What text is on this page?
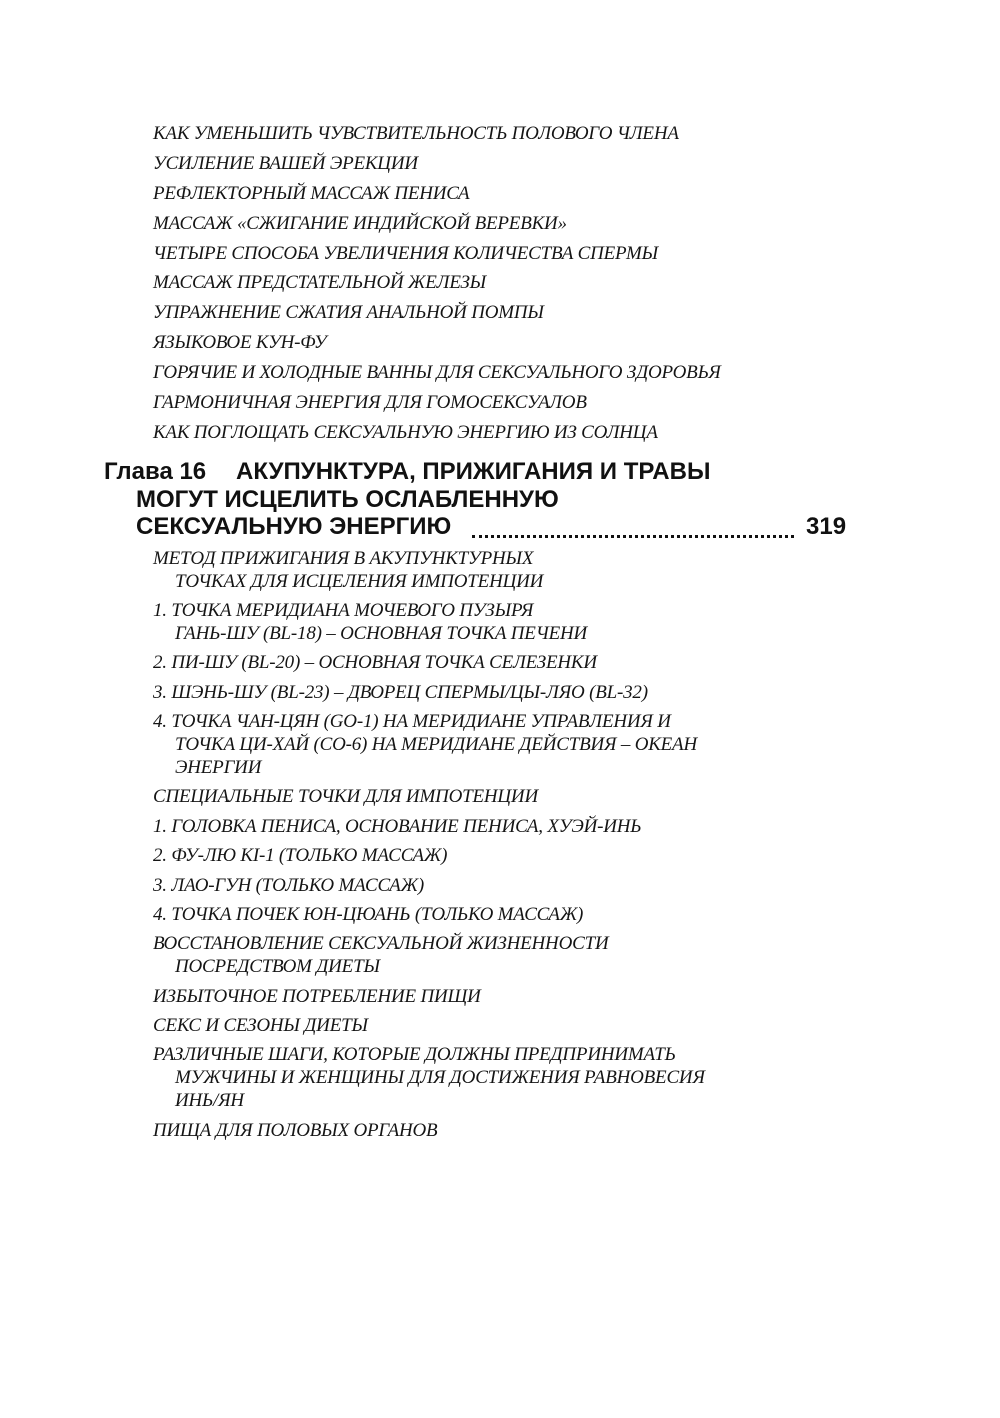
КАК УМЕНЬШИТЬ ЧУВСТВИТЕЛЬНОСТЬ ПОЛОВОГО ЧЛЕНА
УСИЛЕНИЕ ВАШЕЙ ЭРЕКЦИИ
РЕФЛЕКТОРНЫЙ МАССАЖ ПЕНИСА
МАССАЖ «СЖИГАНИЕ ИНДИЙСКОЙ ВЕРЕВКИ»
ЧЕТЫРЕ СПОСОБА УВЕЛИЧЕНИЯ КОЛИЧЕСТВА СПЕРМЫ
МАССАЖ ПРЕДСТАТЕЛЬНОЙ ЖЕЛЕЗЫ
УПРАЖНЕНИЕ СЖАТИЯ АНАЛЬНОЙ ПОМПЫ
ЯЗЫКОВОЕ КУН-ФУ
ГОРЯЧИЕ И ХОЛОДНЫЕ ВАННЫ ДЛЯ СЕКСУАЛЬНОГО ЗДОРОВЬЯ
ГАРМОНИЧНАЯ ЭНЕРГИЯ ДЛЯ ГОМОСЕКСУАЛОВ
КАК ПОГЛОЩАТЬ СЕКСУАЛЬНУЮ ЭНЕРГИЮ ИЗ СОЛНЦА
Глава 16 АКУПУНКТУРА, ПРИЖИГАНИЯ И ТРАВЫ
МОГУТ ИСЦЕЛИТЬ ОСЛАБЛЕННУЮ
СЕКСУАЛЬНУЮ ЭНЕРГИЮ	319
МЕТОД ПРИЖИГАНИЯ В АКУПУНКТУРНЫХ
ТОЧКАХ ДЛЯ ИСЦЕЛЕНИЯ ИМПОТЕНЦИИ
1. ТОЧКА МЕРИДИАНА МОЧЕВОГО ПУЗЫРЯ
ГАНЬ-ШУ (BL-18) – ОСНОВНАЯ ТОЧКА ПЕЧЕНИ
2. ПИ-ШУ (BL-20) – ОСНОВНАЯ ТОЧКА СЕЛЕЗЕНКИ
3. ШЭНЬ-ШУ (BL-23) – ДВОРЕЦ СПЕРМЫ/ЦЫ-ЛЯО (BL-32)
4. ТОЧКА ЧАН-ЦЯН (GO-1) НА МЕРИДИАНЕ УПРАВЛЕНИЯ И
ТОЧКА ЦИ-ХАЙ (СО-6) НА МЕРИДИАНЕ ДЕЙСТВИЯ – ОКЕАН
ЭНЕРГИИ
СПЕЦИАЛЬНЫЕ ТОЧКИ ДЛЯ ИМПОТЕНЦИИ
1. ГОЛОВКА ПЕНИСА, ОСНОВАНИЕ ПЕНИСА, ХУЭЙ-ИНЬ
2. ФУ-ЛЮ KI-1 (ТОЛЬКО МАССАЖ)
3. ЛАО-ГУН (ТОЛЬКО МАССАЖ)
4. ТОЧКА ПОЧЕК ЮН-ЦЮАНЬ (ТОЛЬКО МАССАЖ)
ВОССТАНОВЛЕНИЕ СЕКСУАЛЬНОЙ ЖИЗНЕННОСТИ
ПОСРЕДСТВОМ ДИЕТЫ
ИЗБЫТОЧНОЕ ПОТРЕБЛЕНИЕ ПИЩИ
СЕКС И СЕЗОНЫ ДИЕТЫ
РАЗЛИЧНЫЕ ШАГИ, КОТОРЫЕ ДОЛЖНЫ ПРЕДПРИНИМАТЬ
МУЖЧИНЫ И ЖЕНЩИНЫ ДЛЯ ДОСТИЖЕНИЯ РАВНОВЕСИЯ
ИНЬ/ЯН
ПИЩА ДЛЯ ПОЛОВЫХ ОРГАНОВ
